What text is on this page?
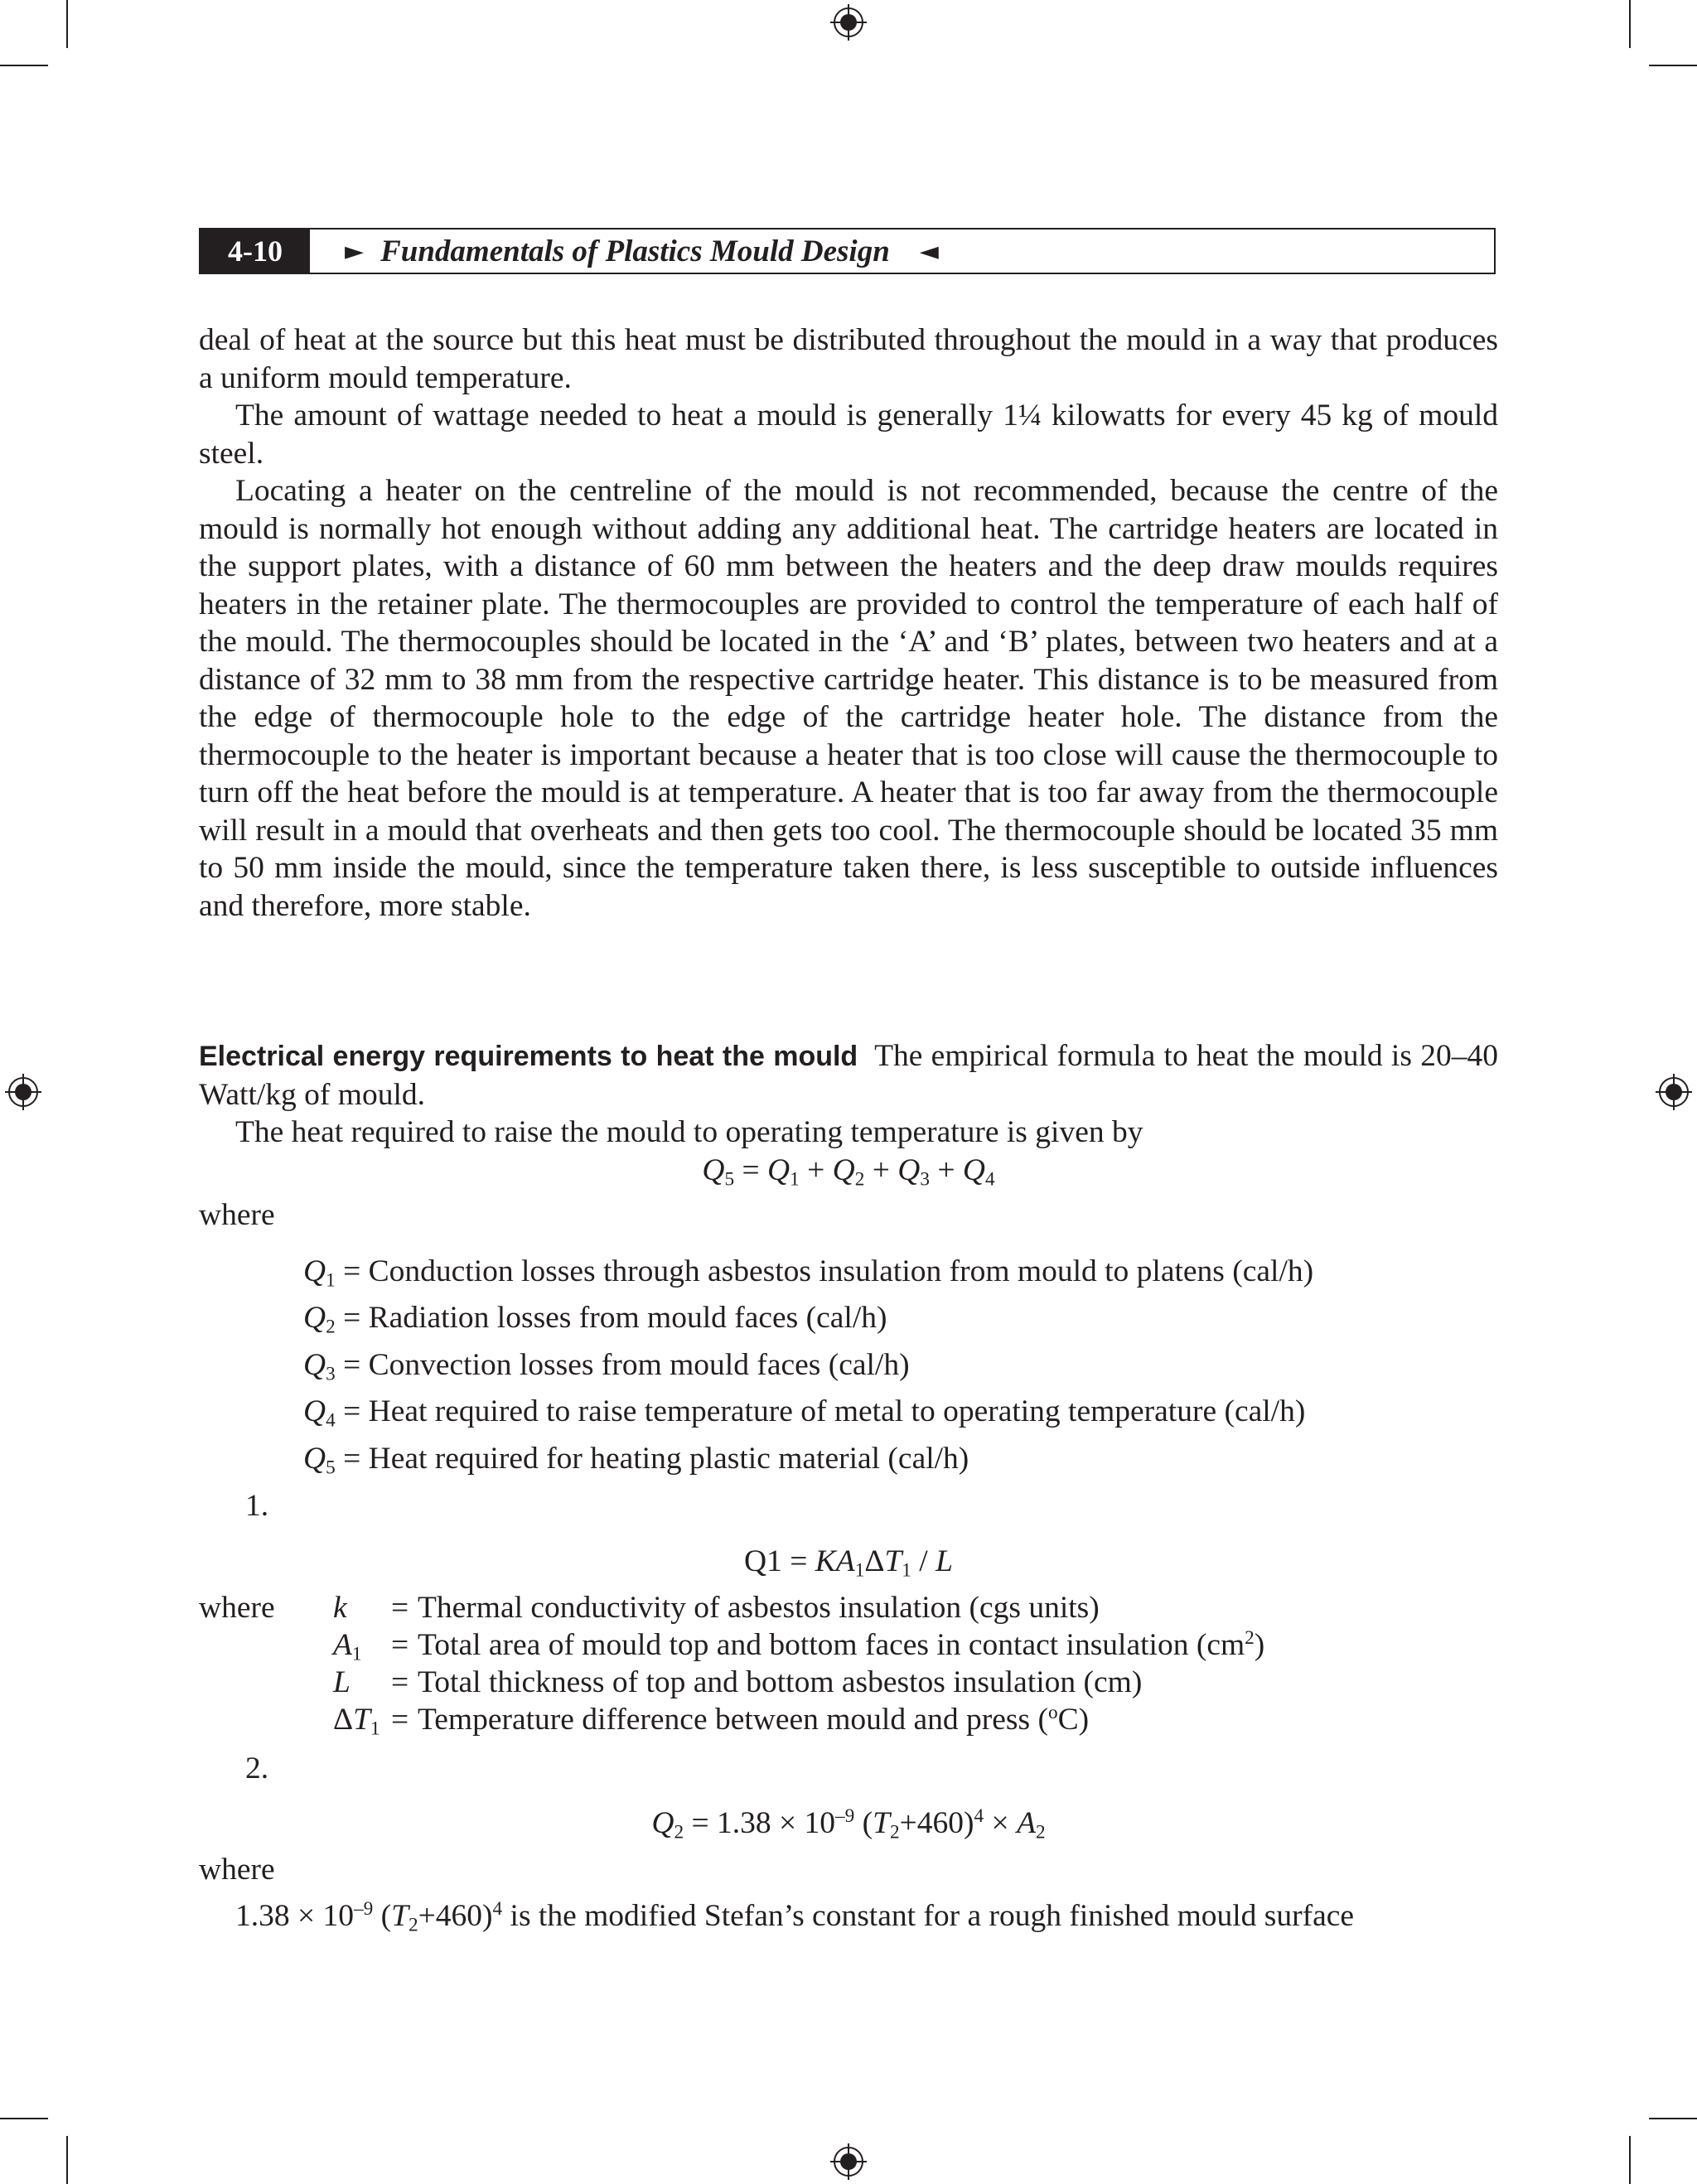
4-10	► Fundamentals of Plastics Mould Design ◄

deal of heat at the source but this heat must be distributed throughout the mould in a way that produces a uniform mould temperature.

The amount of wattage needed to heat a mould is generally 1¼ kilowatts for every 45 kg of mould steel.

Locating a heater on the centreline of the mould is not recommended, because the centre of the mould is normally hot enough without adding any additional heat. The cartridge heaters are located in the support plates, with a distance of 60 mm between the heaters and the deep draw moulds requires heaters in the retainer plate. The thermocouples are provided to control the temperature of each half of the mould. The thermocouples should be located in the ‘A’ and ‘B’ plates, between two heaters and at a distance of 32 mm to 38 mm from the respective cartridge heater. This distance is to be measured from the edge of thermocouple hole to the edge of the cartridge heater hole. The distance from the thermocouple to the heater is important because a heater that is too close will cause the thermocouple to turn off the heat before the mould is at temperature. A heater that is too far away from the thermocouple will result in a mould that overheats and then gets too cool. The thermocouple should be located 35 mm to 50 mm inside the mould, since the temperature taken there, is less susceptible to outside influences and therefore, more stable.

Electrical energy requirements to heat the mould The empirical formula to heat the mould is 20–40 Watt/kg of mould.

The heat required to raise the mould to operating temperature is given by

$Q_5 = Q_1 + Q_2 + Q_3 + Q_4$
where
$Q_1$ = Conduction losses through asbestos insulation from mould to platens (cal/h)
$Q_2$ = Radiation losses from mould faces (cal/h)
$Q_3$ = Convection losses from mould faces (cal/h)
$Q_4$ = Heat required to raise temperature of metal to operating temperature (cal/h)
$Q_5$ = Heat required for heating plastic material (cal/h)
1.
$Q1 = KA_1\Delta T_1 / L$
where k	= Thermal conductivity of asbestos insulation (cgs units)
$A_1$ = Total area of mould top and bottom faces in contact insulation $(cm^2)$
L	= Total thickness of top and bottom asbestos insulation (cm)
$\Delta T_1$ = Temperature difference between mould and press ($^o$C)
2.
$Q_2 = 1.38 \times 10^{-9}$ $(T_2+460)^4 \times A_2$
where
$1.38 \times 10^{-9}$ $(T_2+460)^4$ is the modified Stefan’s constant for a rough finished mould surface
